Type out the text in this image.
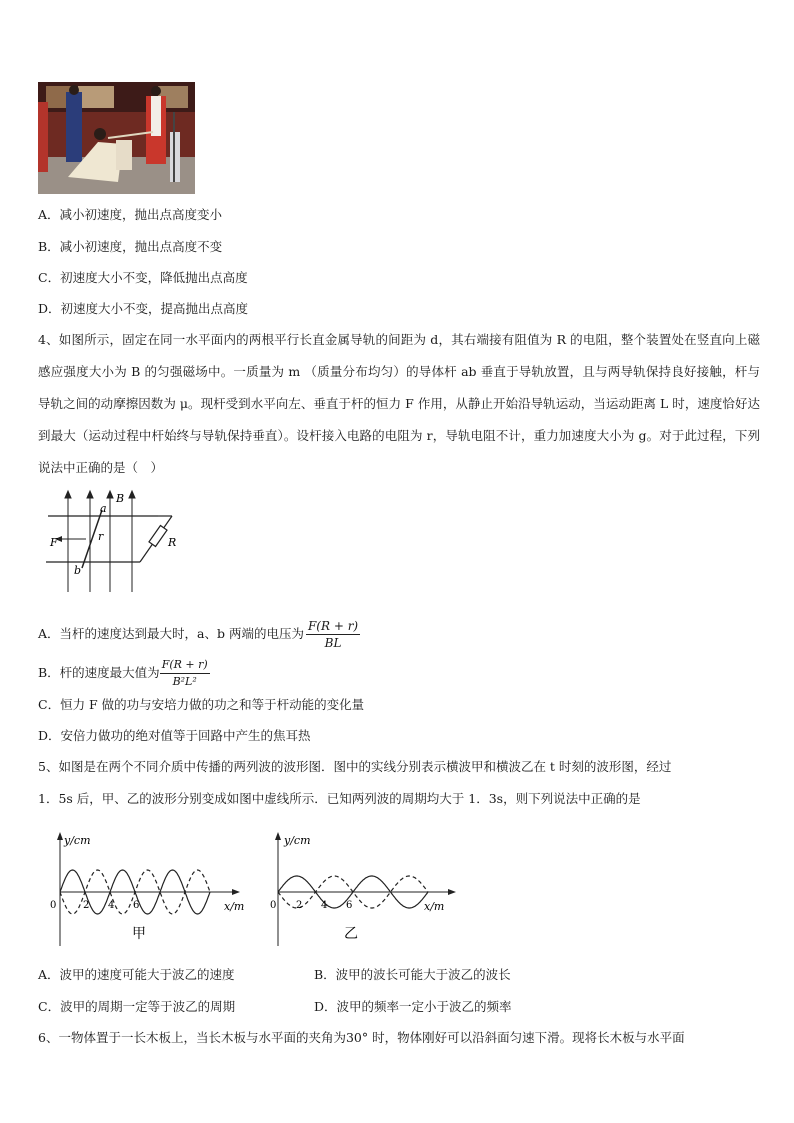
A．减小初速度，抛出点高度变小
B．减小初速度，抛出点高度不变
C．初速度大小不变，降低抛出点高度
D．初速度大小不变，提高抛出点高度
4、如图所示，固定在同一水平面内的两根平行长直金属导轨的间距为 d，其右端接有阻值为 R 的电阻，整个装置处在竖直向上磁感应强度大小为 B 的匀强磁场中。一质量为 m （质量分布均匀）的导体杆 ab 垂直于导轨放置，且与两导轨保持良好接触，杆与导轨之间的动摩擦因数为 μ。现杆受到水平向左、垂直于杆的恒力 F 作用，从静止开始沿导轨运动，当运动距离 L 时，速度恰好达到最大（运动过程中杆始终与导轨保持垂直）。设杆接入电路的电阻为 r，导轨电阻不计，重力加速度大小为 g。对于此过程，下列说法中正确的是（　）
B
a
r
F
b
R
A．当杆的速度达到最大时，a、b 两端的电压为 $\frac{F(R + r)}{BL}$
B．杆的速度最大值为 $\frac{F(R + r)}{\text{B²L²}}$
C．恒力 F 做的功与安培力做的功之和等于杆动能的变化量
D．安倍力做功的绝对值等于回路中产生的焦耳热
5、如图是在两个不同介质中传播的两列波的波形图．图中的实线分别表示横波甲和横波乙在 t 时刻的波形图，经过
1．5s 后，甲、乙的波形分别变成如图中虚线所示．已知两列波的周期均大于 1．3s，则下列说法中正确的是
y/cm
x/m
0	2 4 6
甲
y/cm
x/m
0 2 4 6
乙
A．波甲的速度可能大于波乙的速度	B．波甲的波长可能大于波乙的波长
C．波甲的周期一定等于波乙的周期	D．波甲的频率一定小于波乙的频率
6、一物体置于一长木板上，当长木板与水平面的夹角为30° 时，物体刚好可以沿斜面匀速下滑。现将长木板与水平面
